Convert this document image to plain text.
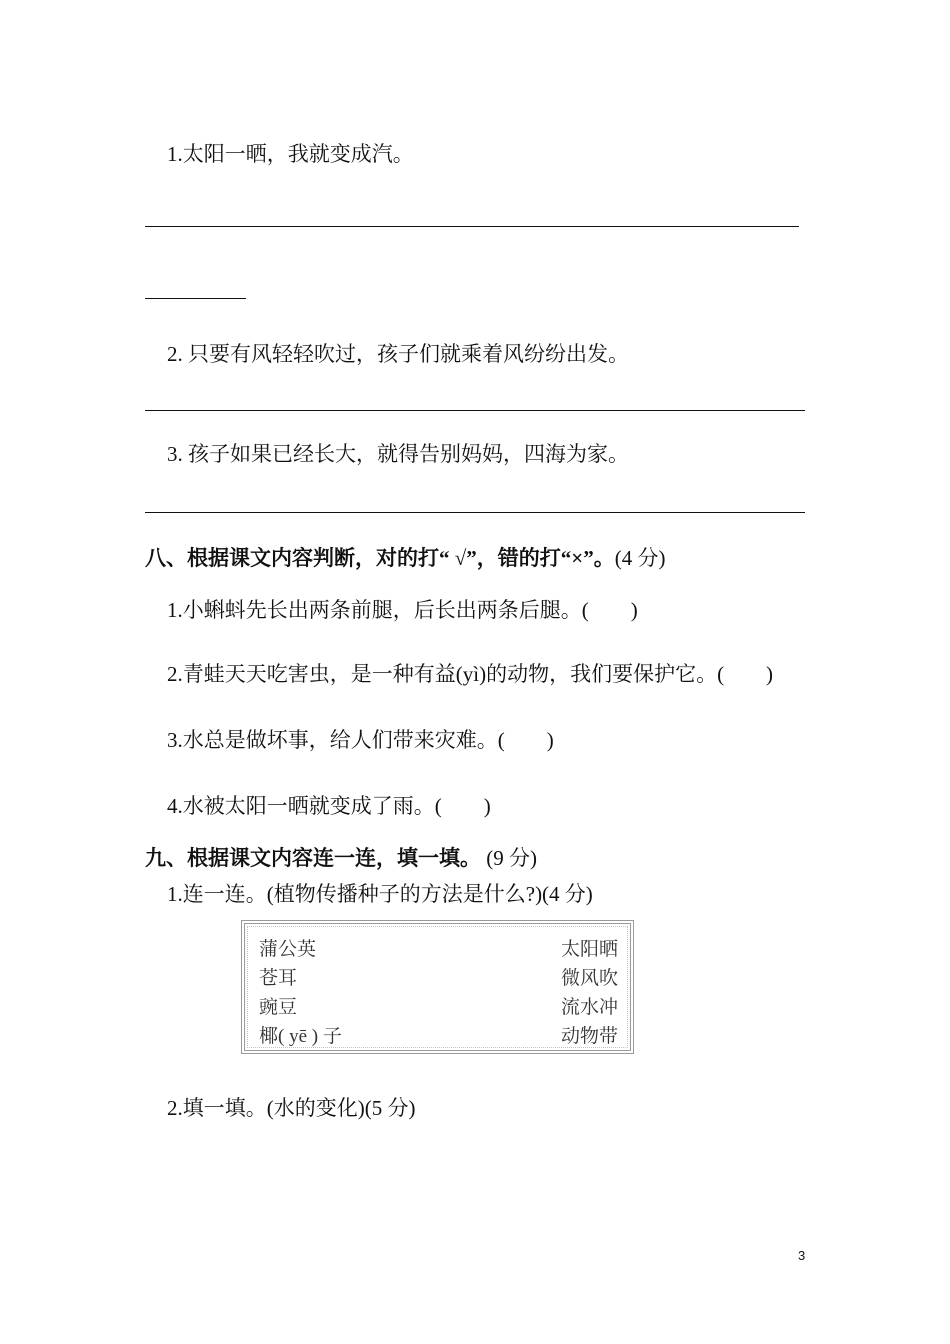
1.太阳一晒，我就变成汽。
2. 只要有风轻轻吹过，孩子们就乘着风纷纷出发。
3. 孩子如果已经长大，就得告别妈妈，四海为家。
八、根据课文内容判断，对的打“ √”，错的打“×”。(4 分)
1.小蝌蚪先长出两条前腿，后长出两条后腿。(　　)
2.青蛙天天吃害虫，是一种有益(yì)的动物，我们要保护它。(　　)
3.水总是做坏事，给人们带来灾难。(　　)
4.水被太阳一晒就变成了雨。(　　)
九、根据课文内容连一连，填一填。 (9 分)
1.连一连。(植物传播种子的方法是什么?)(4 分)
蒲公英
苍耳
豌豆
椰( yē ) 子
太阳晒
微风吹
流水冲
动物带
2.填一填。(水的变化)(5 分)
3
